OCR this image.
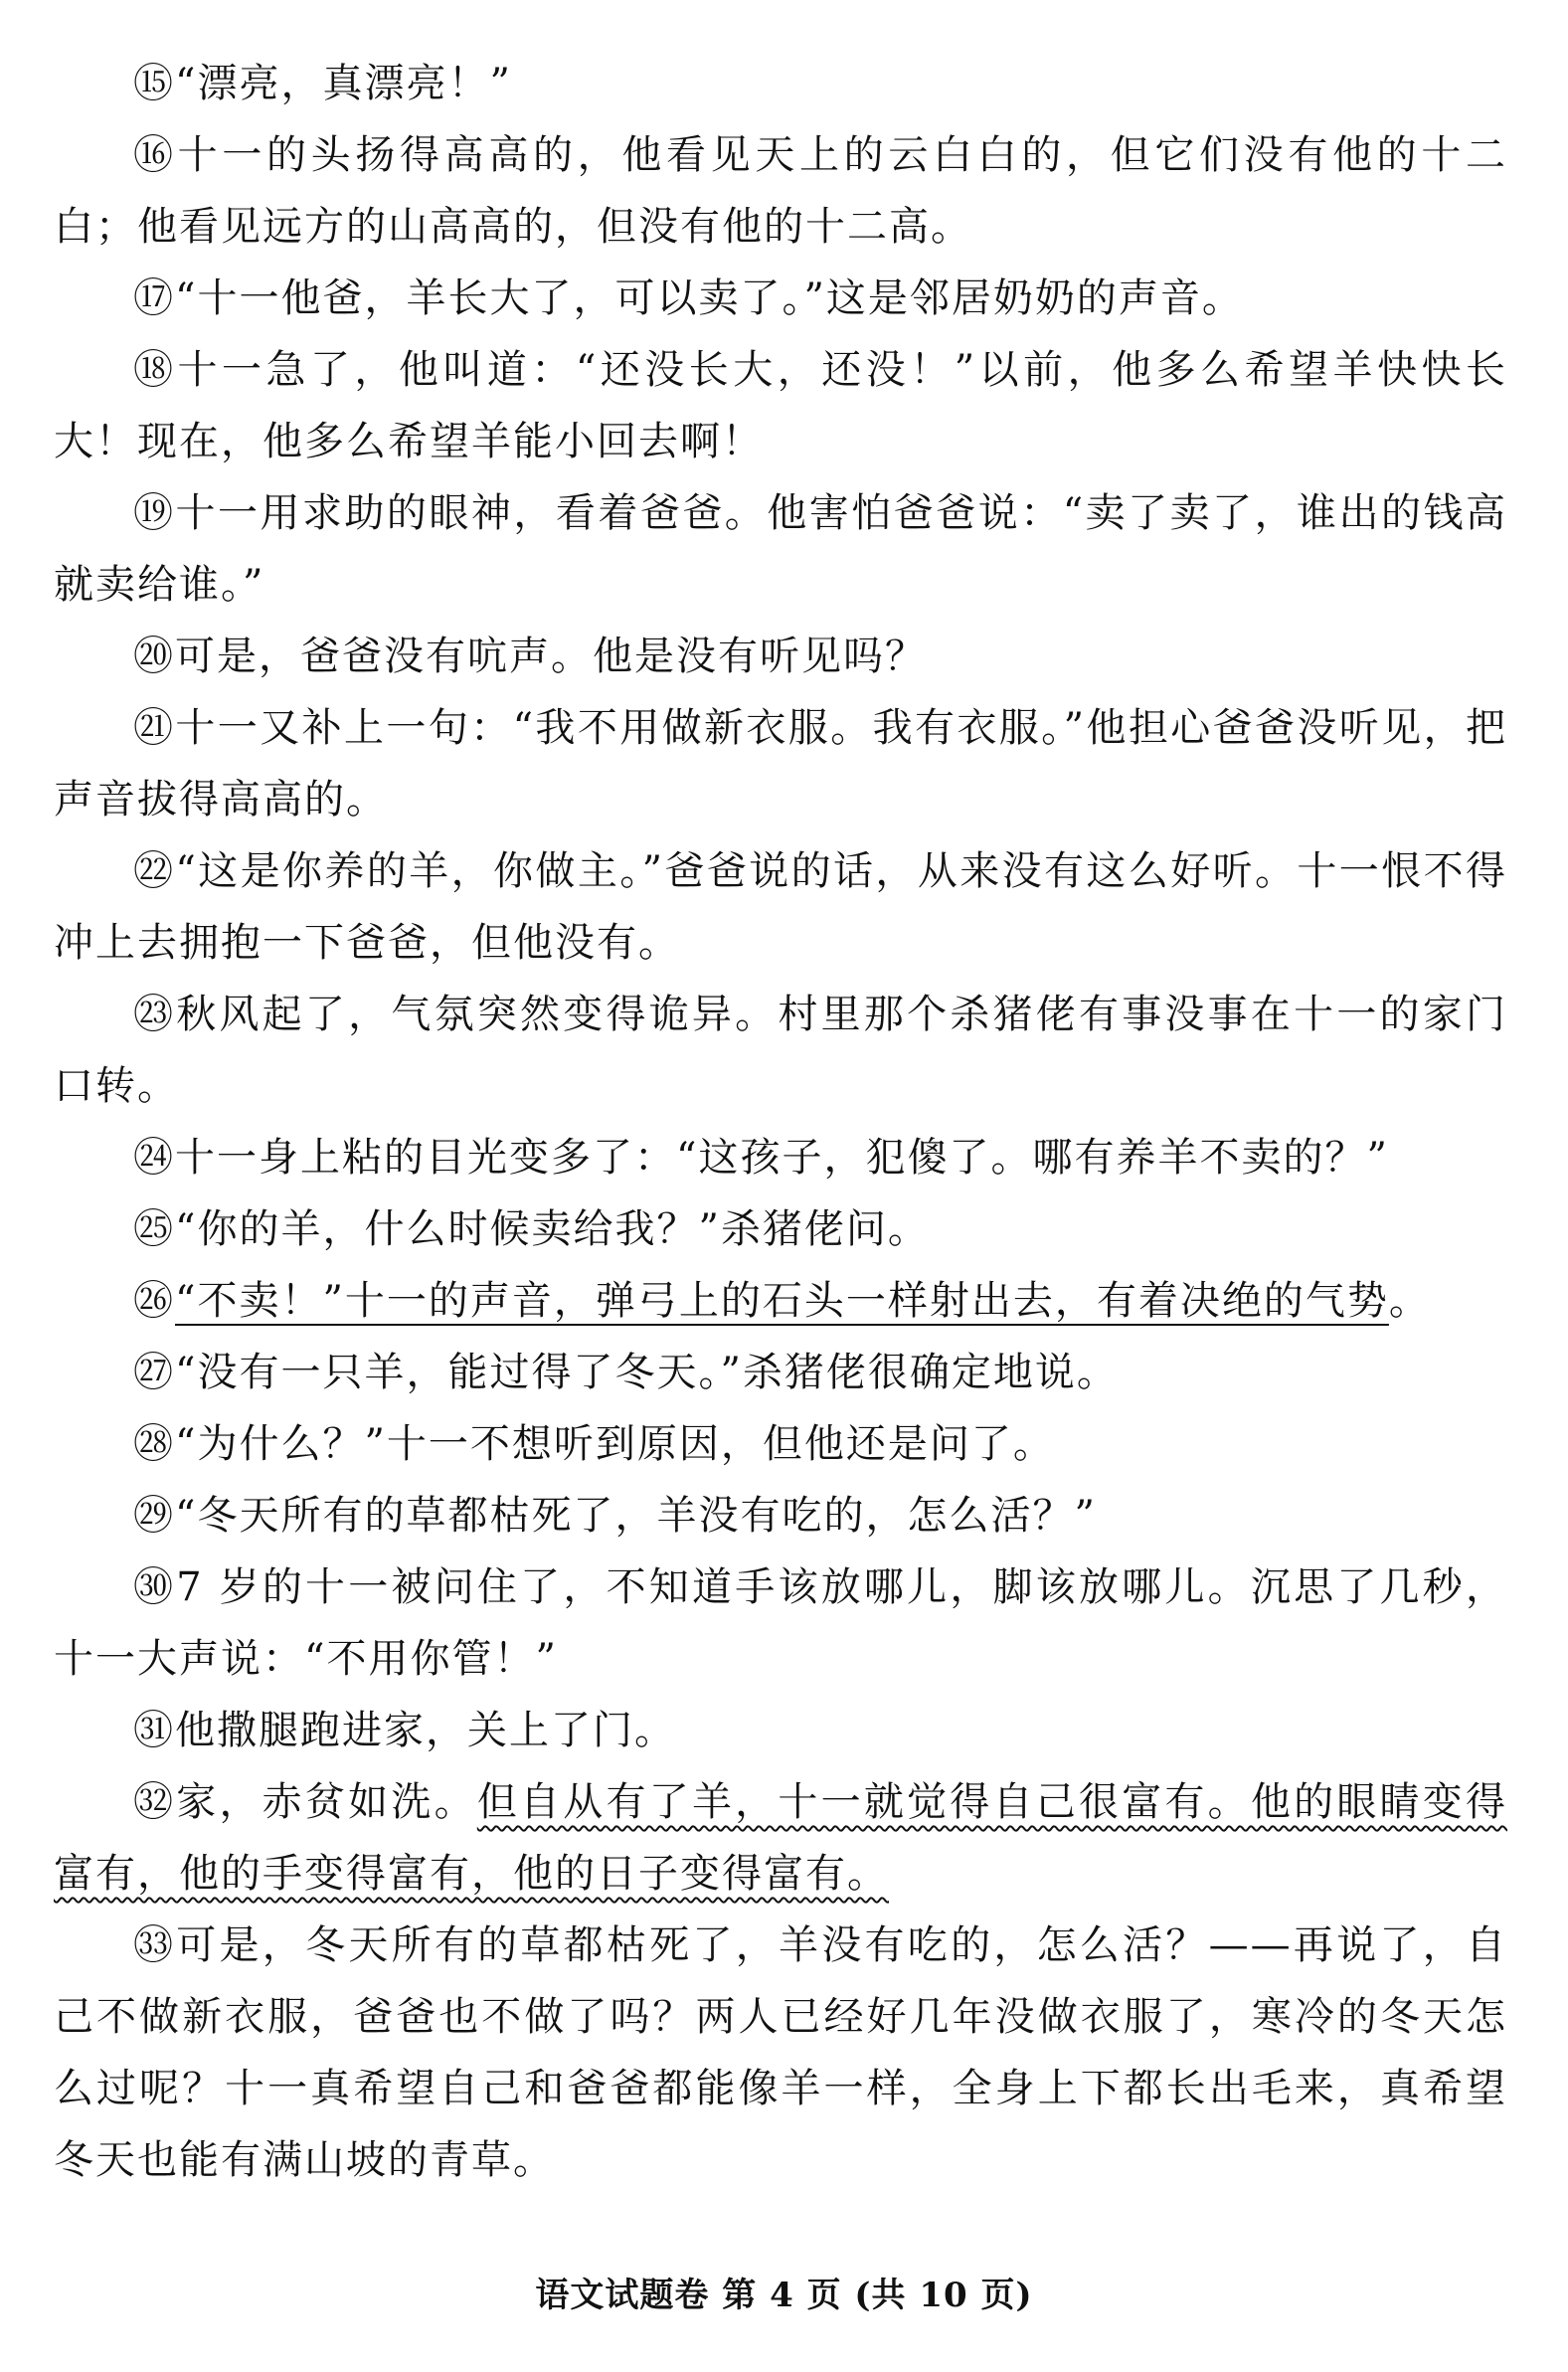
⑮“漂亮，真漂亮！”

⑯十一的头扬得高高的，他看见天上的云白白的，但它们没有他的十二白；他看见远方的山高高的，但没有他的十二高。

⑰“十一他爸，羊长大了，可以卖了。”这是邻居奶奶的声音。

⑱十一急了，他叫道：“还没长大，还没！”以前，他多么希望羊快快长大！现在，他多么希望羊能小回去啊！

⑲十一用求助的眼神，看着爸爸。他害怕爸爸说：“卖了卖了，谁出的钱高就卖给谁。”

⑳可是，爸爸没有吭声。他是没有听见吗？

㉑十一又补上一句：“我不用做新衣服。我有衣服。”他担心爸爸没听见，把声音拔得高高的。

㉒“这是你养的羊，你做主。”爸爸说的话，从来没有这么好听。十一恨不得冲上去拥抱一下爸爸，但他没有。

㉓秋风起了，气氛突然变得诡异。村里那个杀猪佬有事没事在十一的家门口转。

㉔十一身上粘的目光变多了：“这孩子，犯傻了。哪有养羊不卖的？”

㉕“你的羊，什么时候卖给我？”杀猪佬问。

㉖“不卖！”十一的声音，弹弓上的石头一样射出去，有着决绝的气势。

㉗“没有一只羊，能过得了冬天。”杀猪佬很确定地说。

㉘“为什么？”十一不想听到原因，但他还是问了。

㉙“冬天所有的草都枯死了，羊没有吃的，怎么活？”

㉚7 岁的十一被问住了，不知道手该放哪儿，脚该放哪儿。沉思了几秒，十一大声说：“不用你管！”

㉛他撒腿跑进家，关上了门。

㉜家，赤贫如洗。但自从有了羊，十一就觉得自己很富有。他的眼睛变得富有，他的手变得富有，他的日子变得富有。

㉝可是，冬天所有的草都枯死了，羊没有吃的，怎么活？——再说了，自己不做新衣服，爸爸也不做了吗？两人已经好几年没做衣服了，寒冷的冬天怎么过呢？十一真希望自己和爸爸都能像羊一样，全身上下都长出毛来，真希望冬天也能有满山坡的青草。

语文试题卷 第 4 页 (共 10 页)
